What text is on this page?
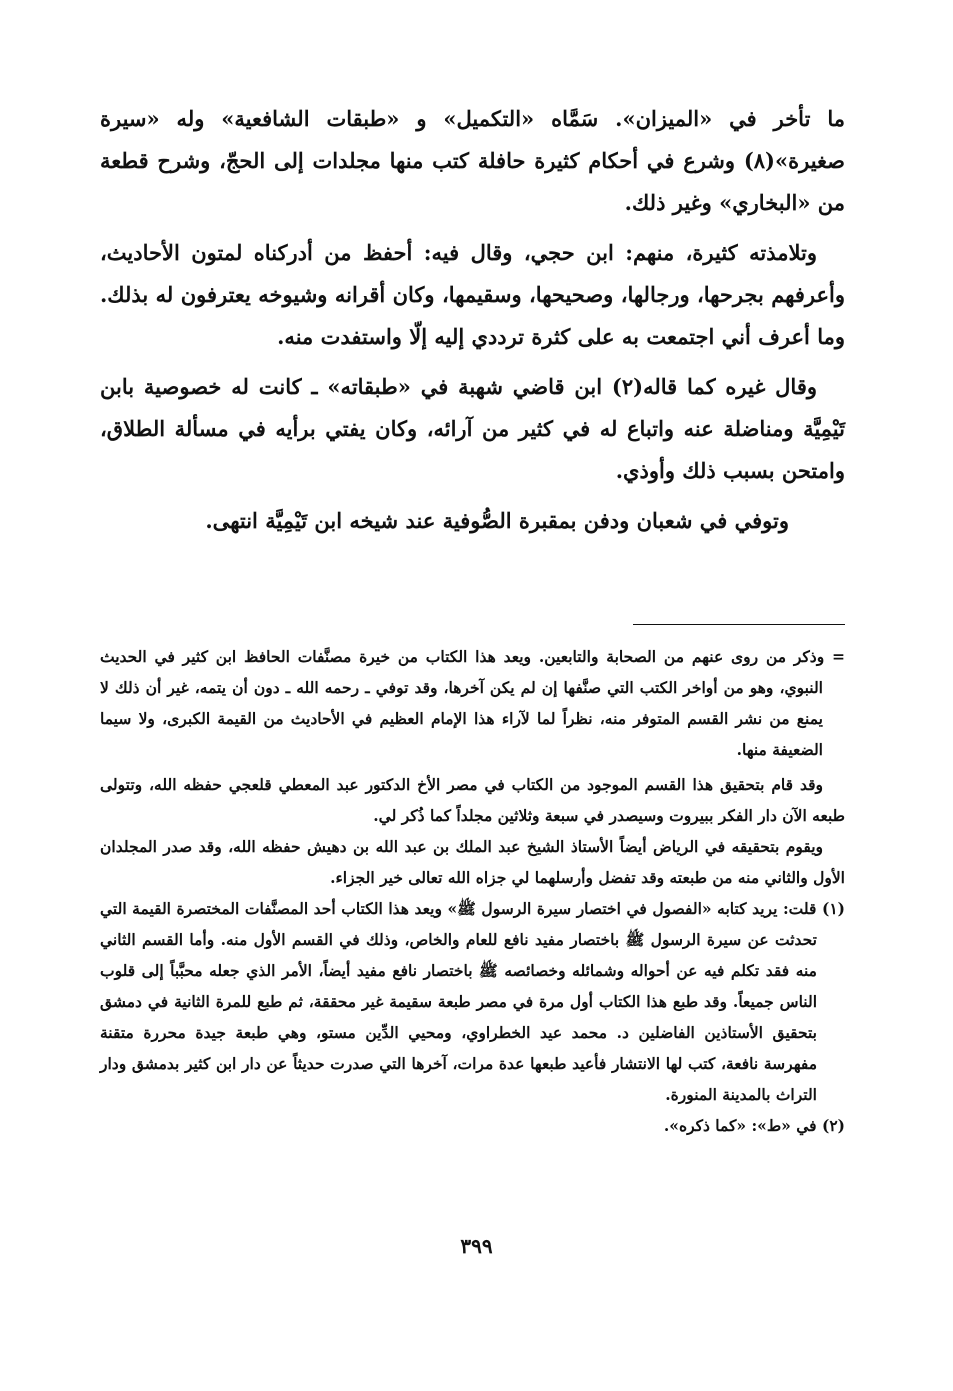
ما تأخر في «الميزان». سَمَّاه «التكميل» و «طبقات الشافعية» وله «سيرة صغيرة»(٨) وشرع في أحكام كثيرة حافلة كتب منها مجلدات إلى الحجّ، وشرح قطعة من «البخاري» وغير ذلك.

وتلامذته كثيرة، منهم: ابن حجي، وقال فيه: أحفظ من أدركناه لمتون الأحاديث، وأعرفهم بجرحها، ورجالها، وصحيحها، وسقيمها، وكان أقرانه وشيوخه يعترفون له بذلك. وما أعرف أني اجتمعت به على كثرة ترددي إليه إلّا واستفدت منه.

وقال غيره كما قاله(٢) ابن قاضي شهبة في «طبقاته» ـ كانت له خصوصية بابن تَيْمِيَّة ومناضلة عنه واتباع له في كثير من آرائه، وكان يفتي برأيه في مسألة الطلاق، وامتحن بسبب ذلك وأوذي.

وتوفي في شعبان ودفن بمقبرة الصُّوفية عند شيخه ابن تَيْمِيَّة انتهى.

= وذكر من روى عنهم من الصحابة والتابعين. ويعد هذا الكتاب من خيرة مصنَّفات الحافظ ابن كثير في الحديث النبوي، وهو من أواخر الكتب التي صنَّفها إن لم يكن آخرها، وقد توفي ـ رحمه الله ـ دون أن يتمه، غير أن ذلك لا يمنع من نشر القسم المتوفر منه، نظراً لما لآراء هذا الإمام العظيم في الأحاديث من القيمة الكبرى، ولا سيما الضعيفة منها.

وقد قام بتحقيق هذا القسم الموجود من الكتاب في مصر الأخ الدكتور عبد المعطي قلعجي حفظه الله، وتتولى طبعه الآن دار الفكر ببيروت وسيصدر في سبعة وثلاثين مجلداً كما ذُكر لي.

ويقوم بتحقيقه في الرياض أيضاً الأستاذ الشيخ عبد الملك بن عبد الله بن دهيش حفظه الله، وقد صدر المجلدان الأول والثاني منه من طبعته وقد تفضل وأرسلهما لي جزاه الله تعالى خير الجزاء.

(١) قلت: يريد كتابه «الفصول في اختصار سيرة الرسول ﷺ» ويعد هذا الكتاب أحد المصنَّفات المختصرة القيمة التي تحدثت عن سيرة الرسول ﷺ باختصار مفيد نافع للعام والخاص، وذلك في القسم الأول منه. وأما القسم الثاني منه فقد تكلم فيه عن أحواله وشمائله وخصائصه ﷺ باختصار نافع مفيد أيضاً، الأمر الذي جعله محبَّباً إلى قلوب الناس جميعاً. وقد طبع هذا الكتاب أول مرة في مصر طبعة سقيمة غير محققة، ثم طبع للمرة الثانية في دمشق بتحقيق الأستاذين الفاضلين د. محمد عيد الخطراوي، ومحيي الدِّين مستو، وهي طبعة جيدة محررة متقنة مفهرسة نافعة، كتب لها الانتشار فأعيد طبعها عدة مرات، آخرها التي صدرت حديثاً عن دار ابن كثير بدمشق ودار التراث بالمدينة المنورة.

(٢) في «ط»: «كما ذكره».

٣٩٩
